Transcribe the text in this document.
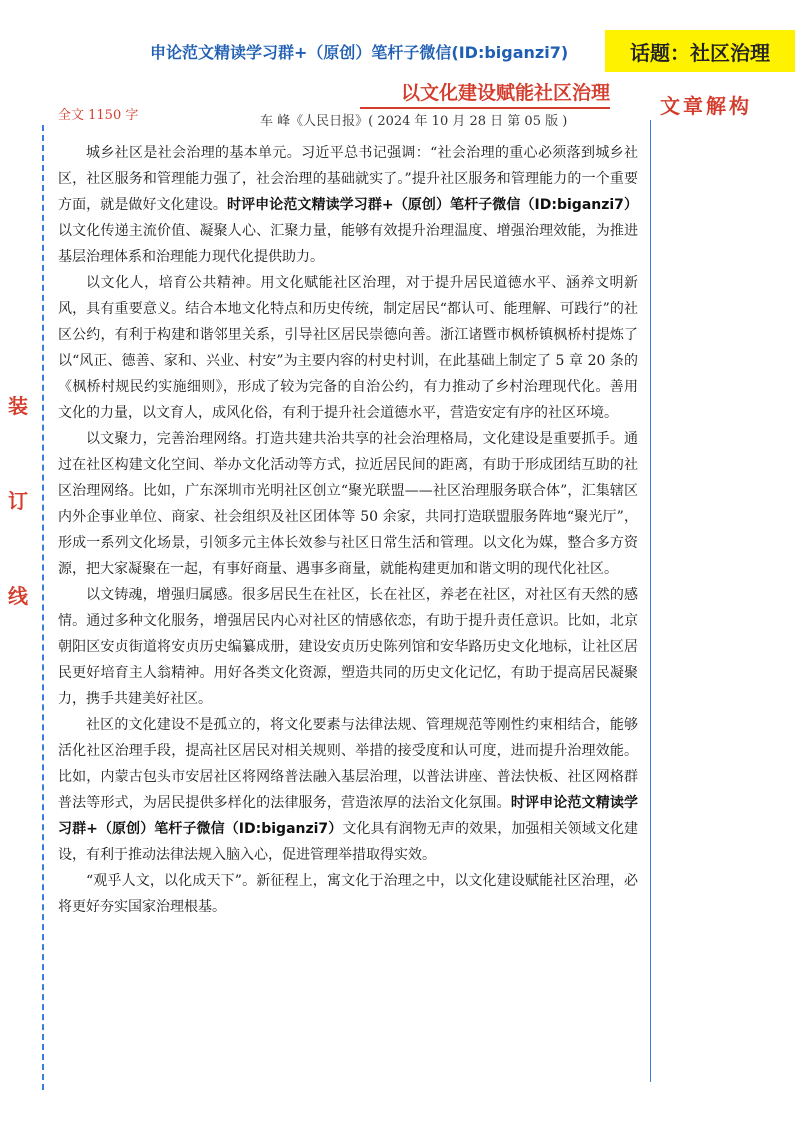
申论范文精读学习群+（原创）笔杆子微信(ID:biganzi7)	话题：社区治理
以文化建设赋能社区治理
文章解构
全文 1150 字	车 峰《人民日报》( 2024 年 10 月 28 日 第 05 版 )
装
订
线

城乡社区是社会治理的基本单元。习近平总书记强调：“社会治理的重心必须落到城乡社区，社区服务和管理能力强了，社会治理的基础就实了。”提升社区服务和管理能力的一个重要方面，就是做好文化建设。时评申论范文精读学习群+（原创）笔杆子微信（ID:biganzi7）以文化传递主流价值、凝聚人心、汇聚力量，能够有效提升治理温度、增强治理效能，为推进基层治理体系和治理能力现代化提供助力。

以文化人，培育公共精神。用文化赋能社区治理，对于提升居民道德水平、涵养文明新风，具有重要意义。结合本地文化特点和历史传统，制定居民“都认可、能理解、可践行”的社区公约，有利于构建和谐邻里关系，引导社区居民崇德向善。浙江诸暨市枫桥镇枫桥村提炼了以“风正、德善、家和、兴业、村安”为主要内容的村史村训，在此基础上制定了 5 章 20 条的《枫桥村规民约实施细则》，形成了较为完备的自治公约，有力推动了乡村治理现代化。善用文化的力量，以文育人，成风化俗，有利于提升社会道德水平，营造安定有序的社区环境。

以文聚力，完善治理网络。打造共建共治共享的社会治理格局，文化建设是重要抓手。通过在社区构建文化空间、举办文化活动等方式，拉近居民间的距离，有助于形成团结互助的社区治理网络。比如，广东深圳市光明社区创立“聚光联盟——社区治理服务联合体”，汇集辖区内外企事业单位、商家、社会组织及社区团体等 50 余家，共同打造联盟服务阵地“聚光厅”，形成一系列文化场景，引领多元主体长效参与社区日常生活和管理。以文化为媒，整合多方资源，把大家凝聚在一起，有事好商量、遇事多商量，就能构建更加和谐文明的现代化社区。

以文铸魂，增强归属感。很多居民生在社区，长在社区，养老在社区，对社区有天然的感情。通过多种文化服务，增强居民内心对社区的情感依恋，有助于提升责任意识。比如，北京朝阳区安贞街道将安贞历史编纂成册，建设安贞历史陈列馆和安华路历史文化地标，让社区居民更好培育主人翁精神。用好各类文化资源，塑造共同的历史文化记忆，有助于提高居民凝聚力，携手共建美好社区。

社区的文化建设不是孤立的，将文化要素与法律法规、管理规范等刚性约束相结合，能够活化社区治理手段，提高社区居民对相关规则、举措的接受度和认可度，进而提升治理效能。比如，内蒙古包头市安居社区将网络普法融入基层治理，以普法讲座、普法快板、社区网格群普法等形式，为居民提供多样化的法律服务，营造浓厚的法治文化氛围。时评申论范文精读学习群+（原创）笔杆子微信（ID:biganzi7）文化具有润物无声的效果，加强相关领域文化建设，有利于推动法律法规入脑入心，促进管理举措取得实效。

“观乎人文，以化成天下”。新征程上，寓文化于治理之中，以文化建设赋能社区治理，必将更好夯实国家治理根基。
